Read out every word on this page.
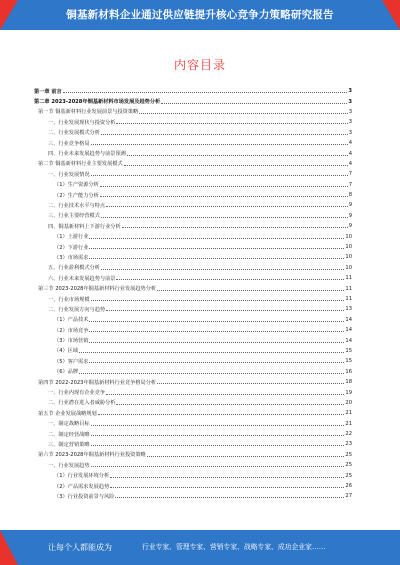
铜基新材料企业通过供应链提升核心竞争力策略研究报告
内容目录
第一章 前言	3
第二章 2023-2028年铜基新材料市场发展及趋势分析	3
第一节 铜基新材料行业发展前景与投资策略	3
一、行业发展现状与投资分析	3
二、行业发展模式分析	3
三、行业竞争格局	4
四、行业未来发展趋势与前景预测	4
第二节 铜基新材料行业主要发展模式	4
一、行业发展情况	7
（1）生产资源分析	7
（2）生产能力分析	8
二、行业技术水平与特点	9
三、行业主要经营模式	9
四、铜基新材料上下游行业分析	9
（1）上游行业	10
（2）下游行业	10
（3）市场需求	10
五、行业盈利模式分析	10
六、行业未来发展趋势与前景	11
第三节 2023-2028年铜基新材料行业发展趋势分析	11
一、行业市场规模	11
二、行业发展方向与趋势	13
（1）产品技术	14
（2）市场竞争	14
（3）市场营销	14
（4）区域	15
（5）客户需求	15
（6）品牌	16
第四节 2022-2023年铜基新材料行业竞争格局分析	18
一、行业内现有企业竞争	19
二、行业潜在进入者威胁分析	20
第五节 企业发展战略规划	21
一、制定战略目标	21
二、制定经营战略	22
三、制定营销策略	23
第六节 2023-2028年铜基新材料行业投资策略	25
一、行业发展趋势	25
（1）行业发展环境分析	25
（2）产品需求发展趋势	26
（3）行业投资前景与风险	27
让每个人都能成为	行业专家、管理专家、营销专家、战略专家、成功企业家……
